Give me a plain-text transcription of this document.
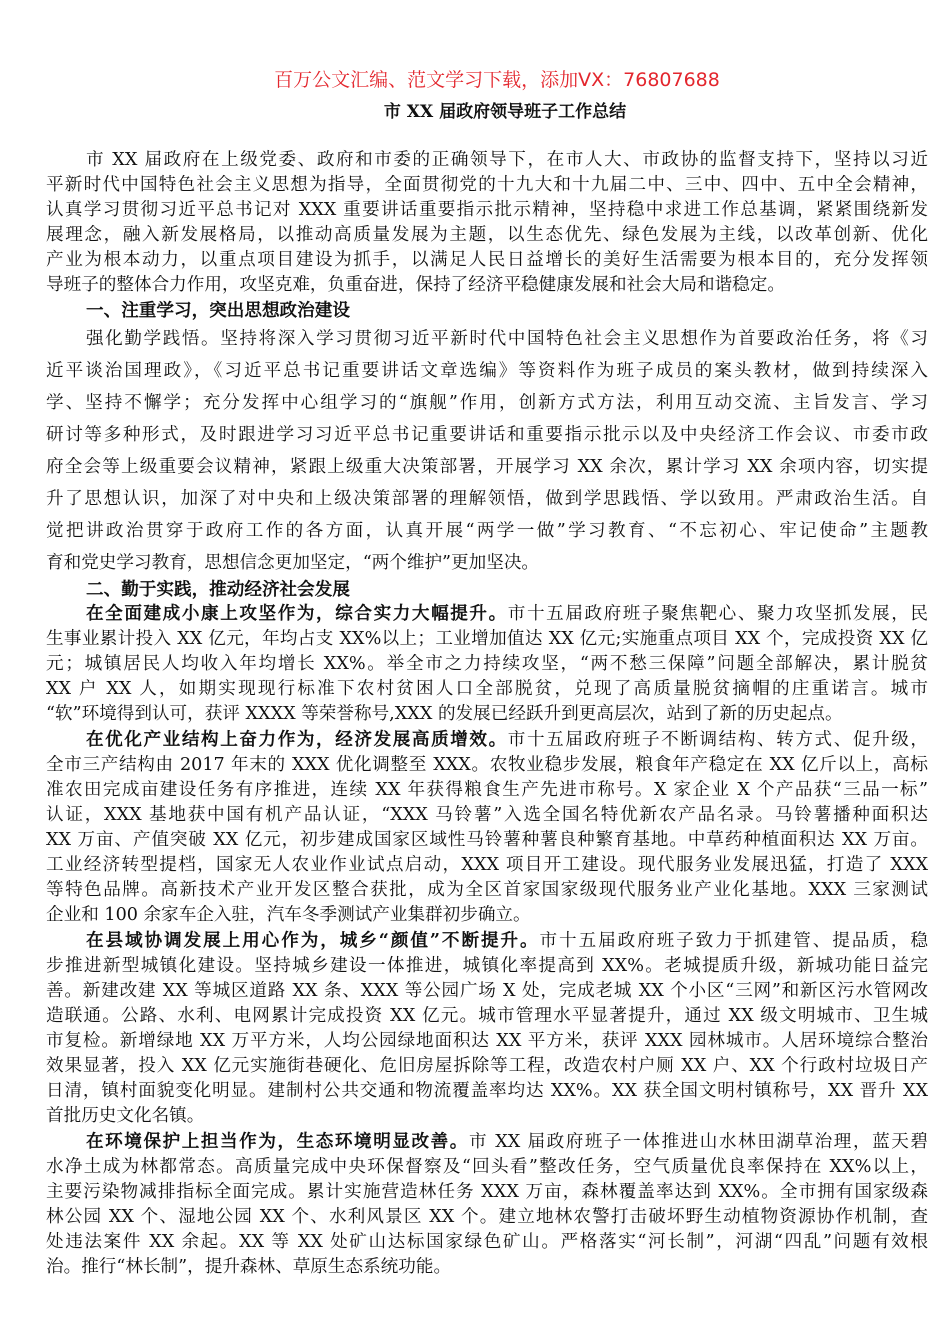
百万公文汇编、范文学习下载，添加VX：76807688
市 XX 届政府领导班子工作总结
市 XX 届政府在上级党委、政府和市委的正确领导下，在市人大、市政协的监督支持下，坚持以习近
平新时代中国特色社会主义思想为指导，全面贯彻党的十九大和十九届二中、三中、四中、五中全会精神，
认真学习贯彻习近平总书记对 XXX 重要讲话重要指示批示精神，坚持稳中求进工作总基调，紧紧围绕新发
展理念，融入新发展格局，以推动高质量发展为主题，以生态优先、绿色发展为主线，以改革创新、优化
产业为根本动力，以重点项目建设为抓手，以满足人民日益增长的美好生活需要为根本目的，充分发挥领
导班子的整体合力作用，攻坚克难，负重奋进，保持了经济平稳健康发展和社会大局和谐稳定。
一、注重学习，突出思想政治建设
强化勤学践悟。坚持将深入学习贯彻习近平新时代中国特色社会主义思想作为首要政治任务，将《习
近平谈治国理政》，《习近平总书记重要讲话文章选编》等资料作为班子成员的案头教材，做到持续深入
学、坚持不懈学；充分发挥中心组学习的“旗舰”作用，创新方式方法，利用互动交流、主旨发言、学习
研讨等多种形式，及时跟进学习习近平总书记重要讲话和重要指示批示以及中央经济工作会议、市委市政
府全会等上级重要会议精神，紧跟上级重大决策部署，开展学习 XX 余次，累计学习 XX 余项内容，切实提
升了思想认识，加深了对中央和上级决策部署的理解领悟，做到学思践悟、学以致用。严肃政治生活。自
觉把讲政治贯穿于政府工作的各方面，认真开展“两学一做”学习教育、“不忘初心、牢记使命”主题教
育和党史学习教育，思想信念更加坚定，“两个维护”更加坚决。
二、勤于实践，推动经济社会发展
在全面建成小康上攻坚作为，综合实力大幅提升。市十五届政府班子聚焦靶心、聚力攻坚抓发展，民
生事业累计投入 XX 亿元，年均占支 XX%以上；工业增加值达 XX 亿元;实施重点项目 XX 个，完成投资 XX 亿
元；城镇居民人均收入年均增长 XX%。举全市之力持续攻坚，“两不愁三保障”问题全部解决，累计脱贫
XX 户 XX 人，如期实现现行标准下农村贫困人口全部脱贫，兑现了高质量脱贫摘帽的庄重诺言。城市
“软”环境得到认可，获评 XXXX 等荣誉称号,XXX 的发展已经跃升到更高层次，站到了新的历史起点。
在优化产业结构上奋力作为，经济发展高质增效。市十五届政府班子不断调结构、转方式、促升级，
全市三产结构由 2017 年末的 XXX 优化调整至 XXX。农牧业稳步发展，粮食年产稳定在 XX 亿斤以上，高标
准农田完成亩建设任务有序推进，连续 XX 年获得粮食生产先进市称号。X 家企业 X 个产品获“三品一标”
认证，XXX 基地获中国有机产品认证，“XXX 马铃薯”入选全国名特优新农产品名录。马铃薯播种面积达
XX 万亩、产值突破 XX 亿元，初步建成国家区域性马铃薯种薯良种繁育基地。中草药种植面积达 XX 万亩。
工业经济转型提档，国家无人农业作业试点启动，XXX 项目开工建设。现代服务业发展迅猛，打造了 XXX
等特色品牌。高新技术产业开发区整合获批，成为全区首家国家级现代服务业产业化基地。XXX 三家测试
企业和 100 余家车企入驻，汽车冬季测试产业集群初步确立。
在县域协调发展上用心作为，城乡“颜值”不断提升。市十五届政府班子致力于抓建管、提品质，稳
步推进新型城镇化建设。坚持城乡建设一体推进，城镇化率提高到 XX%。老城提质升级，新城功能日益完
善。新建改建 XX 等城区道路 XX 条、XXX 等公园广场 X 处，完成老城 XX 个小区“三网”和新区污水管网改
造联通。公路、水利、电网累计完成投资 XX 亿元。城市管理水平显著提升，通过 XX 级文明城市、卫生城
市复检。新增绿地 XX 万平方米，人均公园绿地面积达 XX 平方米，获评 XXX 园林城市。人居环境综合整治
效果显著，投入 XX 亿元实施街巷硬化、危旧房屋拆除等工程，改造农村户厕 XX 户、XX 个行政村垃圾日产
日清，镇村面貌变化明显。建制村公共交通和物流覆盖率均达 XX%。XX 获全国文明村镇称号，XX 晋升 XX
首批历史文化名镇。
在环境保护上担当作为，生态环境明显改善。市 XX 届政府班子一体推进山水林田湖草治理，蓝天碧
水净土成为林都常态。高质量完成中央环保督察及“回头看”整改任务，空气质量优良率保持在 XX%以上，
主要污染物减排指标全面完成。累计实施营造林任务 XXX 万亩，森林覆盖率达到 XX%。全市拥有国家级森
林公园 XX 个、湿地公园 XX 个、水利风景区 XX 个。建立地林农警打击破坏野生动植物资源协作机制，查
处违法案件 XX 余起。XX 等 XX 处矿山达标国家绿色矿山。严格落实“河长制”，河湖“四乱”问题有效根
治。推行“林长制”，提升森林、草原生态系统功能。
